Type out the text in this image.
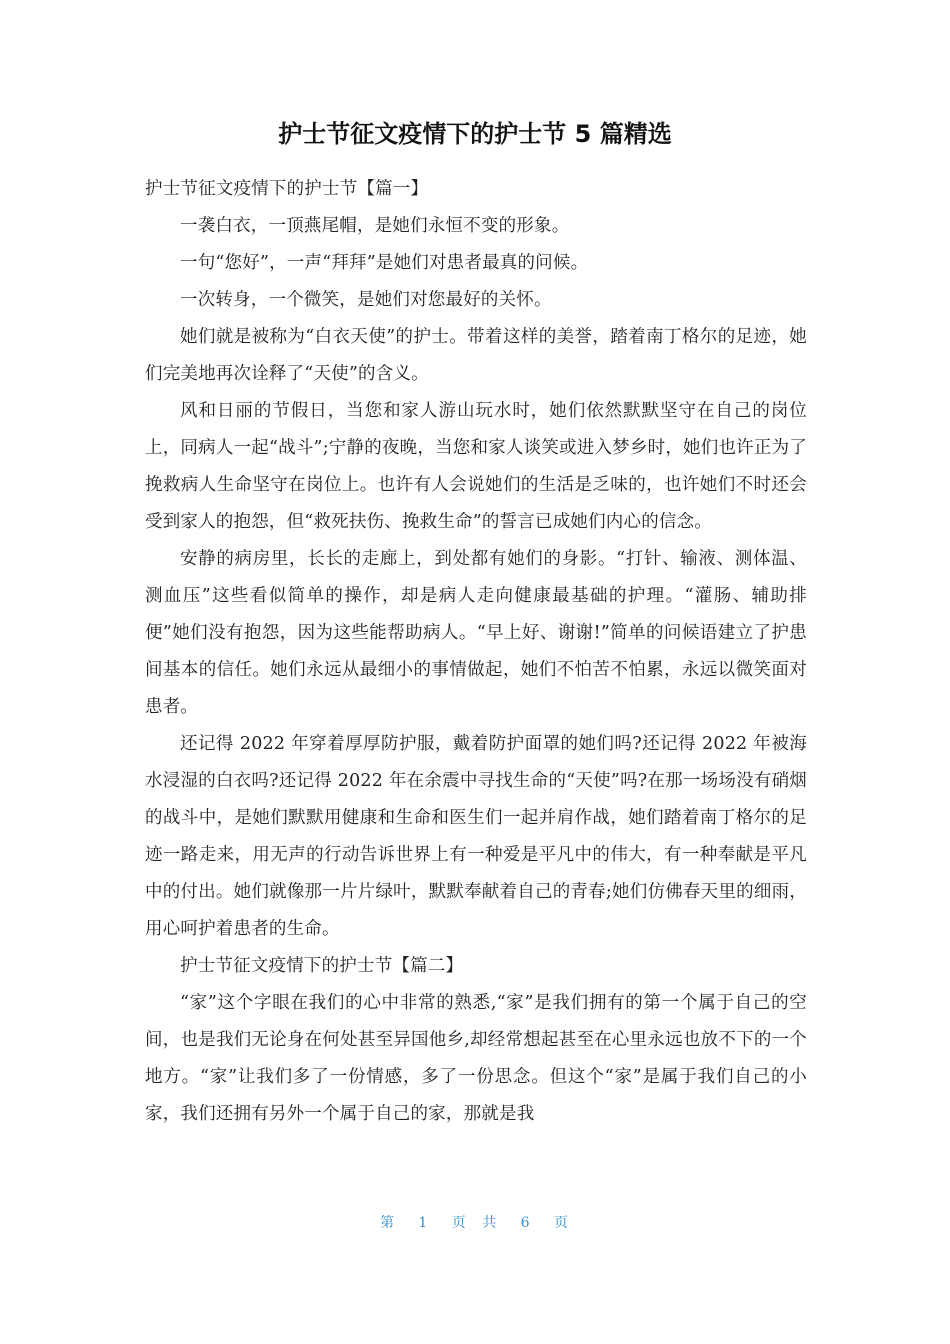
护士节征文疫情下的护士节 5 篇精选

护士节征文疫情下的护士节【篇一】

一袭白衣，一顶燕尾帽，是她们永恒不变的形象。

一句“您好”，一声“拜拜”是她们对患者最真的问候。

一次转身，一个微笑，是她们对您最好的关怀。

她们就是被称为“白衣天使”的护士。带着这样的美誉，踏着南丁格尔的足迹，她们完美地再次诠释了“天使”的含义。

风和日丽的节假日，当您和家人游山玩水时，她们依然默默坚守在自己的岗位上，同病人一起“战斗”;宁静的夜晚，当您和家人谈笑或进入梦乡时，她们也许正为了挽救病人生命坚守在岗位上。也许有人会说她们的生活是乏味的，也许她们不时还会受到家人的抱怨，但“救死扶伤、挽救生命”的誓言已成她们内心的信念。

安静的病房里，长长的走廊上，到处都有她们的身影。“打针、输液、测体温、测血压”这些看似简单的操作，却是病人走向健康最基础的护理。“灌肠、辅助排便”她们没有抱怨，因为这些能帮助病人。“早上好、谢谢!”简单的问候语建立了护患间基本的信任。她们永远从最细小的事情做起，她们不怕苦不怕累，永远以微笑面对患者。

还记得 2022 年穿着厚厚防护服，戴着防护面罩的她们吗?还记得 2022 年被海水浸湿的白衣吗?还记得 2022 年在余震中寻找生命的“天使”吗?在那一场场没有硝烟的战斗中，是她们默默用健康和生命和医生们一起并肩作战，她们踏着南丁格尔的足迹一路走来，用无声的行动告诉世界上有一种爱是平凡中的伟大，有一种奉献是平凡中的付出。她们就像那一片片绿叶，默默奉献着自己的青春;她们仿佛春天里的细雨，用心呵护着患者的生命。

护士节征文疫情下的护士节【篇二】

“家”这个字眼在我们的心中非常的熟悉,“家”是我们拥有的第一个属于自己的空间，也是我们无论身在何处甚至异国他乡,却经常想起甚至在心里永远也放不下的一个地方。“家”让我们多了一份情感，多了一份思念。但这个“家”是属于我们自己的小家，我们还拥有另外一个属于自己的家，那就是我

第 1 页 共 6 页
